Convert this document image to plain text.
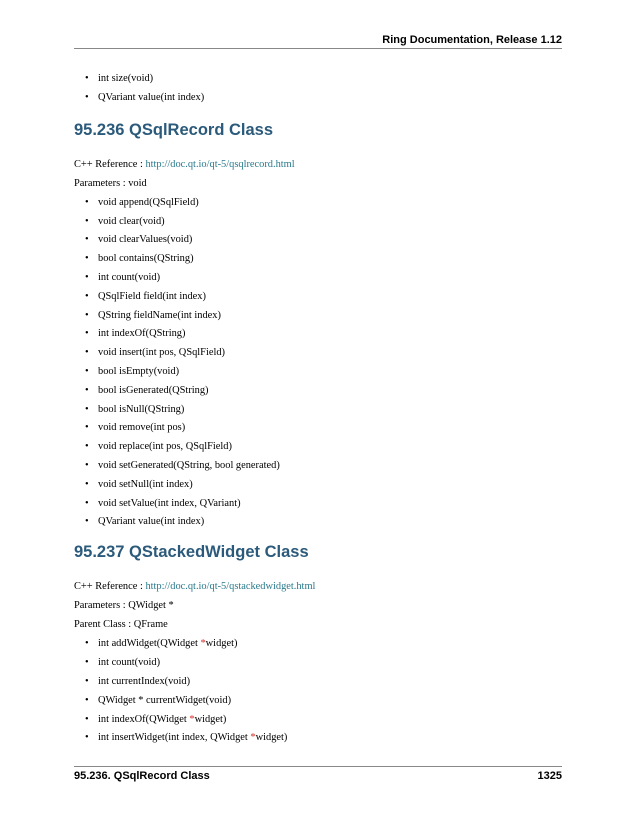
Ring Documentation, Release 1.12
• int size(void)
• QVariant value(int index)
95.236 QSqlRecord Class

C++ Reference : http://doc.qt.io/qt-5/qsqlrecord.html

Parameters : void

• void append(QSqlField)
• void clear(void)
• void clearValues(void)
• bool contains(QString)
• int count(void)
• QSqlField field(int index)
• QString fieldName(int index)
• int indexOf(QString)
• void insert(int pos, QSqlField)
• bool isEmpty(void)
• bool isGenerated(QString)
• bool isNull(QString)
• void remove(int pos)
• void replace(int pos, QSqlField)
• void setGenerated(QString, bool generated)
• void setNull(int index)
• void setValue(int index, QVariant)
• QVariant value(int index)
95.237 QStackedWidget Class

C++ Reference : http://doc.qt.io/qt-5/qstackedwidget.html

Parameters : QWidget *

Parent Class : QFrame

• int addWidget(QWidget *widget)
• int count(void)
• int currentIndex(void)
• QWidget * currentWidget(void)
• int indexOf(QWidget *widget)
• int insertWidget(int index, QWidget *widget)
95.236. QSqlRecord Class	1325
